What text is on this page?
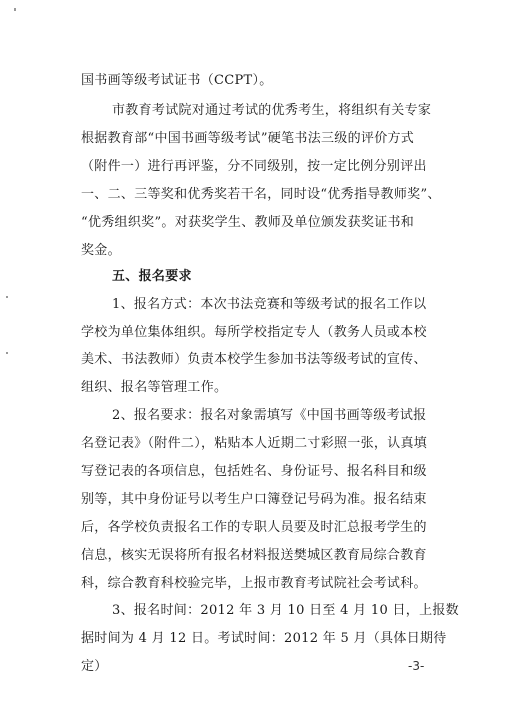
国书画等级考试证书（CCPT）。
市教育考试院对通过考试的优秀考生，将组织有关专家
根据教育部“中国书画等级考试”硬笔书法三级的评价方式
（附件一）进行再评鉴，分不同级别，按一定比例分别评出
一、二、三等奖和优秀奖若干名，同时设“优秀指导教师奖”、
“优秀组织奖”。对获奖学生、教师及单位颁发获奖证书和
奖金。
五、报名要求
1、报名方式：本次书法竞赛和等级考试的报名工作以
学校为单位集体组织。每所学校指定专人（教务人员或本校
美术、书法教师）负责本校学生参加书法等级考试的宣传、
组织、报名等管理工作。
2、报名要求：报名对象需填写《中国书画等级考试报
名登记表》（附件二），粘贴本人近期二寸彩照一张，认真填
写登记表的各项信息，包括姓名、身份证号、报名科目和级
别等，其中身份证号以考生户口簿登记号码为准。报名结束
后，各学校负责报名工作的专职人员要及时汇总报考学生的
信息，核实无误将所有报名材料报送樊城区教育局综合教育
科，综合教育科校验完毕，上报市教育考试院社会考试科。
3、报名时间：2012 年 3 月 10 日至 4 月 10 日，上报数
据时间为 4 月 12 日。考试时间：2012 年 5 月（具体日期待
定）	-3-
